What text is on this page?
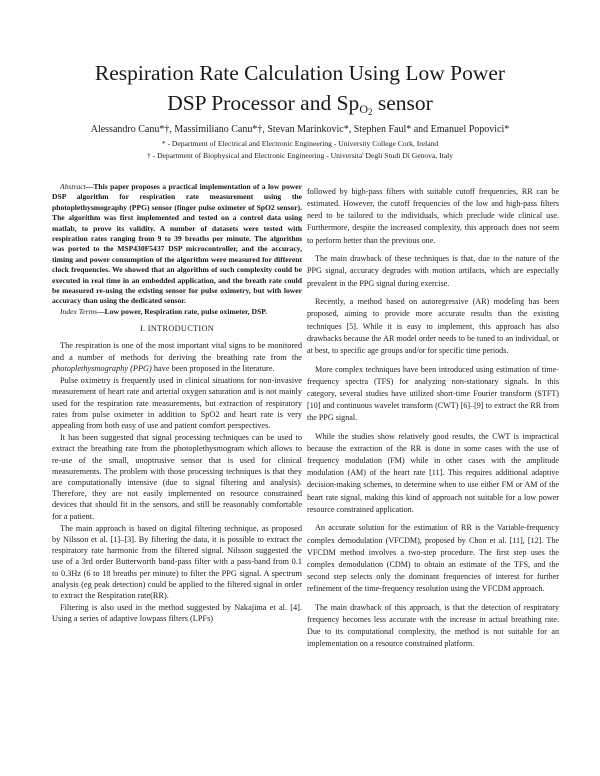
Respiration Rate Calculation Using Low Power
DSP Processor and $Sp_{O_2}$ sensor
Alessandro Canu*†, Massimiliano Canu*†, Stevan Marinkovic*, Stephen Faul* and Emanuel Popovici*
* - Department of Electrical and Electronic Engineering - University College Cork, Ireland
† - Department of Biophysical and Electronic Engineering - Universita' Degli Studi Di Genova, Italy

Abstract—This paper proposes a practical implementation of a low power DSP algorithm for respiration rate measurement using the photoplethysmography (PPG) sensor (finger pulse oximeter of SpO2 sensor). The algorithm was first implemented and tested on a control data using matlab, to prove its validity. A number of datasets were tested with respiration rates ranging from 9 to 39 breaths per minute. The algorithm was ported to the MSP430F5437 DSP microcontroller, and the accuracy, timing and power consumption of the algorithm were measured for different clock frequencies. We showed that an algorithm of such complexity could be executed in real time in an embedded application, and the breath rate could be measured re-using the existing sensor for pulse oximetry, but with lower accuracy than using the dedicated sensor.

Index Terms—Low power, Respiration rate, pulse oximeter, DSP.

I. INTRODUCTION

The respiration is one of the most important vital signs to be monitored and a number of methods for deriving the breathing rate from the photoplethysmography (PPG) have been proposed in the literature.

Pulse oximetry is frequently used in clinical situations for non-invasive measurement of heart rate and arterial oxygen saturation and is not mainly used for the respiration rate measurements, but extraction of respiratory rates from pulse oximeter in addition to SpO2 and heart rate is very appealing from both easy of use and patient comfort perspectives.

It has been suggested that signal processing techniques can be used to extract the breathing rate from the photoplethysmogram which allows to re-use of the small, unoptrusive sensor that is used for clinical measurements. The problem with those processing techniques is that they are computationally intensive (due to signal filtering and analysis). Therefore, they are not easily implemented on resource constrained devices that should fit in the sensors, and still be reasonably comfortable for a patient.

The main approach is based on digital filtering technique, as proposed by Nilsson et al. [1]–[3]. By filtering the data, it is possible to extract the respiratory rate harmonic from the filtered signal. Nilsson suggested the use of a 3rd order Butterworth band-pass filter with a pass-band from 0.1 to 0.3Hz (6 to 18 breaths per minute) to filter the PPG signal. A spectrum analysis (eg peak detection) could be applied to the filtered signal in order to extract the Respiration rate(RR).

Filtering is also used in the method suggested by Nakajima et al. [4]. Using a series of adaptive lowpass filters (LPFs)

followed by high-pass filters with suitable cutoff frequencies, RR can be estimated. However, the cutoff frequencies of the low and high-pass filters need to be tailored to the individuals, which preclude wide clinical use. Furthermore, despite the increased complexity, this approach does not seem to perform better than the previous one.

The main drawback of these techniques is that, due to the nature of the PPG signal, accuracy degrades with motion artifacts, which are especially prevalent in the PPG signal during exercise.

Recently, a method based on autoregressive (AR) modeling has been proposed, aiming to provide more accurate results than the existing techniques [5]. While it is easy to implement, this approach has also drawbacks because the AR model order needs to be tuned to an individual, or at best, to specific age groups and/or for specific time periods.

More complex techniques have been introduced using estimation of time-frequency spectra (TFS) for analyzing non-stationary signals. In this category, several studies have utilized short-time Fourier transform (STFT) [10] and continuous wavelet transform (CWT) [6]–[9] to extract the RR from the PPG signal.

While the studies show relatively good results, the CWT is impractical because the extraction of the RR is done in some cases with the use of frequency modulation (FM) while in other cases with the amplitude modulation (AM) of the heart rate [11]. This requires additional adaptive decision-making schemes, to determine when to use either FM or AM of the heart rate signal, making this kind of approach not suitable for a low power resource constrained application.

An accurate solution for the estimation of RR is the Variable-frequency complex demodulation (VFCDM), proposed by Chon et al. [11], [12]. The VFCDM method involves a two-step procedure. The first step uses the complex demodulation (CDM) to obtain an estimate of the TFS, and the second step selects only the dominant frequencies of interest for further refinement of the time-frequency resolution using the VFCDM approach.

The main drawback of this approach, is that the detection of respiratory frequency becomes less accurate with the increase in actual breathing rate. Due to its computational complexity, the method is not suitable for an implementation on a resource constrained platform.
